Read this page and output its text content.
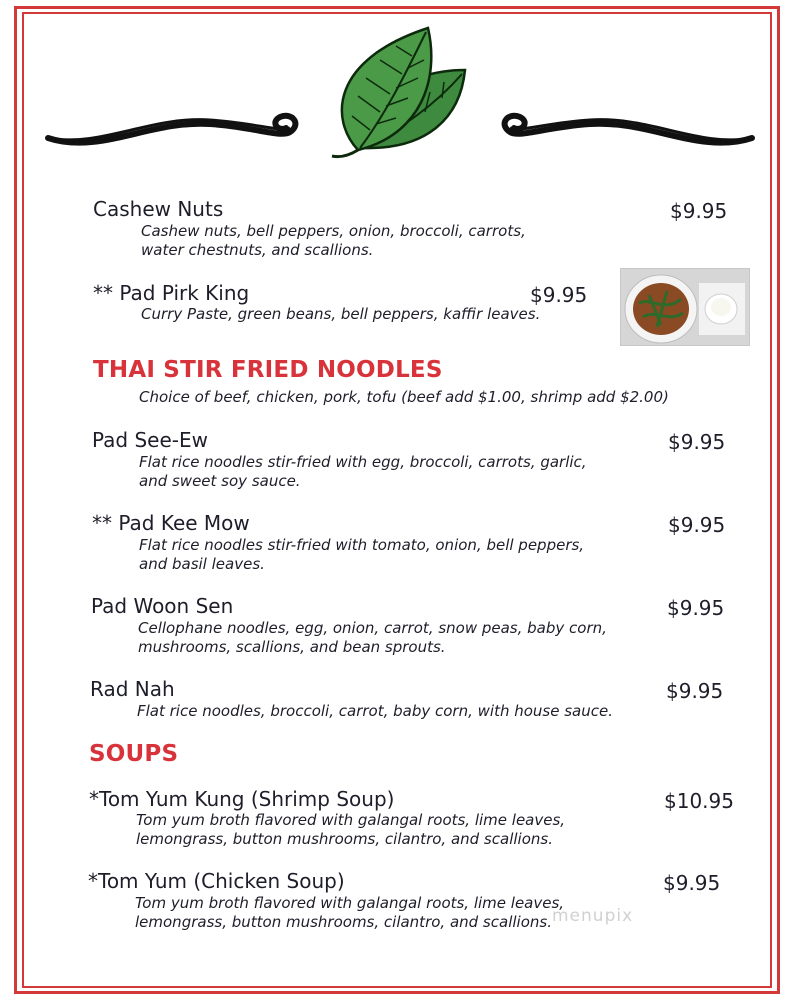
Cashew Nuts	$9.95
Cashew nuts, bell peppers, onion, broccoli, carrots,
water chestnuts, and scallions.
** Pad Pirk King	$9.95
Curry Paste, green beans, bell peppers, kaffir leaves.
THAI STIR FRIED NOODLES
Choice of beef, chicken, pork, tofu (beef add $1.00, shrimp add $2.00)
Pad See-Ew	$9.95
Flat rice noodles stir-fried with egg, broccoli, carrots, garlic,
and sweet soy sauce.
** Pad Kee Mow	$9.95
Flat rice noodles stir-fried with tomato, onion, bell peppers,
and basil leaves.
Pad Woon Sen	$9.95
Cellophane noodles, egg, onion, carrot, snow peas, baby corn,
mushrooms, scallions, and bean sprouts.
Rad Nah	$9.95
Flat rice noodles, broccoli, carrot, baby corn, with house sauce.
SOUPS
*Tom Yum Kung (Shrimp Soup)	$10.95
Tom yum broth flavored with galangal roots, lime leaves,
lemongrass, button mushrooms, cilantro, and scallions.
*Tom Yum (Chicken Soup)	$9.95
Tom yum broth flavored with galangal roots, lime leaves,
lemongrass, button mushrooms, cilantro, and scallions. menupix
